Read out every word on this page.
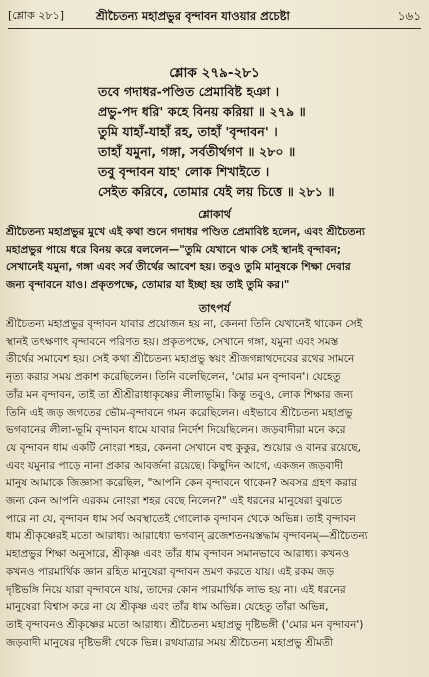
[শ্লোক ২৮১]	শ্রীচৈতন্য মহাপ্রভুর বৃন্দাবন যাওয়ার প্রচেষ্টা	১৬১
শ্লোক ২৭৯-২৮১
তবে গদাধর-পণ্ডিত প্রেমাবিষ্ট হঞা ।
প্রভু-পদ ধরি' কহে বিনয় করিয়া ॥ ২৭৯ ॥
তুমি যাহাঁ-যাহাঁ রহ, তাহাঁ 'বৃন্দাবন' ।
তাহাঁ যমুনা, গঙ্গা, সর্বতীর্থগণ ॥ ২৮০ ॥
তবু বৃন্দাবন যাহ' লোক শিখাইতে ।
সেইত করিবে, তোমার যেই লয় চিত্তে ॥ ২৮১ ॥
শ্লোকার্থ
শ্রীচৈতন্য মহাপ্রভুর মুখে এই কথা শুনে গদাধর পণ্ডিত প্রেমাবিষ্ট হলেন, এবং শ্রীচৈতন্য
মহাপ্রভুর পায়ে ধরে বিনয় করে বললেন—"তুমি যেখানে থাক সেই স্থানই বৃন্দাবন;
সেখানেই যমুনা, গঙ্গা এবং সর্ব তীর্থের আবেশ হয়। তবুও তুমি মানুষকে শিক্ষা দেবার
জন্য বৃন্দাবনে যাও। প্রকৃতপক্ষে, তোমার যা ইচ্ছা হয় তাই তুমি কর।"
তাৎপর্য
শ্রীচৈতন্য মহাপ্রভুর বৃন্দাবন যাবার প্রয়োজন হয় না, কেননা তিনি যেখানেই থাকেন সেই
স্থানই তৎক্ষণাৎ বৃন্দাবনে পরিণত হয়। প্রকৃতপক্ষে, সেখানে গঙ্গা, যমুনা এবং সমস্ত
তীর্থের সমাবেশ হয়। সেই কথা শ্রীচৈতন্য মহাপ্রভু স্বয়ং শ্রীজগন্নাথদেবের রথের সামনে
নৃত্য করার সময় প্রকাশ করেছিলেন। তিনি বলেছিলেন, 'মোর মন বৃন্দাবন'। যেহেতু
তাঁর মন বৃন্দাবন, তাই তা শ্রীশ্রীরাধাকৃষ্ণের লীলাভূমি। কিন্তু তবুও, লোক শিক্ষার জন্য
তিনি এই জড় জগতের ভৌম-বৃন্দাবনে গমন করেছিলেন। এইভাবে শ্রীচৈতন্য মহাপ্রভু
ভগবানের লীলা-ভূমি বৃন্দাবন ধামে যাবার নির্দেশ দিয়েছিলেন। জড়বাদীরা মনে করে
যে বৃন্দাবন ধাম একটি নোংরা শহর, কেননা সেখানে বহু কুকুর, শুয়োর ও বানর রয়েছে,
এবং যমুনার পাড়ে নানা প্রকার আবর্জনা রয়েছে। কিছুদিন আগে, একজন জড়বাদী
মানুষ আমাকে জিজ্ঞাসা করেছিল, "আপনি কেন বৃন্দাবনে থাকেন? অবসর গ্রহণ করার
জন্য কেন আপনি এরকম নোংরা শহর বেছে নিলেন?" এই ধরনের মানুষেরা বুঝতে
পারে না যে, বৃন্দাবন ধাম সর্ব অবস্থাতেই গোলোক বৃন্দাবন থেকে অভিন্ন। তাই বৃন্দাবন
ধাম শ্রীকৃষ্ণেরই মতো আরাধ্য। আরাধ্যো ভগবান্ ব্রজেশতনয়স্তদ্ধাম বৃন্দাবনম্—শ্রীচৈতন্য
মহাপ্রভুর শিক্ষা অনুসারে, শ্রীকৃষ্ণ এবং তাঁর ধাম বৃন্দাবন সমানভাবে আরাধ্য। কখনও
কখনও পারমার্থিক জ্ঞান রহিত মানুষেরা বৃন্দাবন ভ্রমণ করতে যায়। এই রকম জড়
দৃষ্টিভঙ্গি নিয়ে যারা বৃন্দাবনে যায়, তাদের কোন পারমার্থিক লাভ হয় না। এই ধরনের
মানুষেরা বিশ্বাস করে না যে শ্রীকৃষ্ণ এবং তাঁর ধাম অভিন্ন। যেহেতু তাঁরা অভিন্ন,
তাই বৃন্দাবনও শ্রীকৃষ্ণের মতো আরাধ্য। শ্রীচৈতন্য মহাপ্রভু দৃষ্টিভঙ্গী ('মোর মন বৃন্দাবন')
জড়বাদী মানুষের দৃষ্টিভঙ্গী থেকে ভিন্ন। রথযাত্রার সময় শ্রীচৈতন্য মহাপ্রভু শ্রীমতী
